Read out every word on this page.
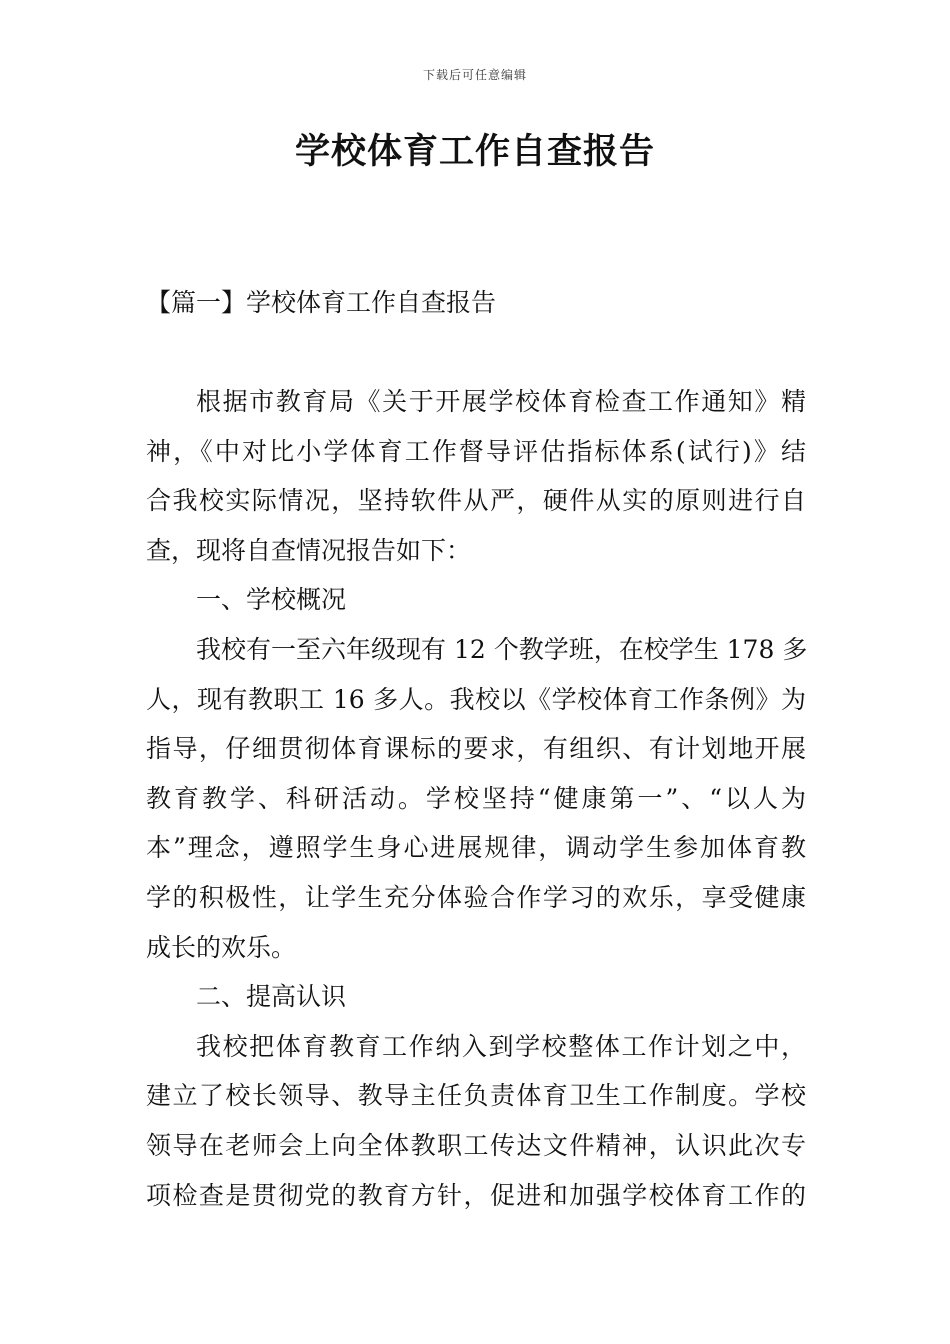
下载后可任意编辑
学校体育工作自查报告
【篇一】学校体育工作自查报告
根据市教育局《关于开展学校体育检查工作通知》精
神，《中对比小学体育工作督导评估指标体系(试行)》结
合我校实际情况，坚持软件从严，硬件从实的原则进行自
查，现将自查情况报告如下：
一、学校概况
我校有一至六年级现有 12 个教学班，在校学生 178 多
人，现有教职工 16 多人。我校以《学校体育工作条例》为
指导，仔细贯彻体育课标的要求，有组织、有计划地开展
教育教学、科研活动。学校坚持“健康第一”、“以人为
本”理念，遵照学生身心进展规律，调动学生参加体育教
学的积极性，让学生充分体验合作学习的欢乐，享受健康
成长的欢乐。
二、提高认识
我校把体育教育工作纳入到学校整体工作计划之中，
建立了校长领导、教导主任负责体育卫生工作制度。学校
领导在老师会上向全体教职工传达文件精神，认识此次专
项检查是贯彻党的教育方针，促进和加强学校体育工作的
